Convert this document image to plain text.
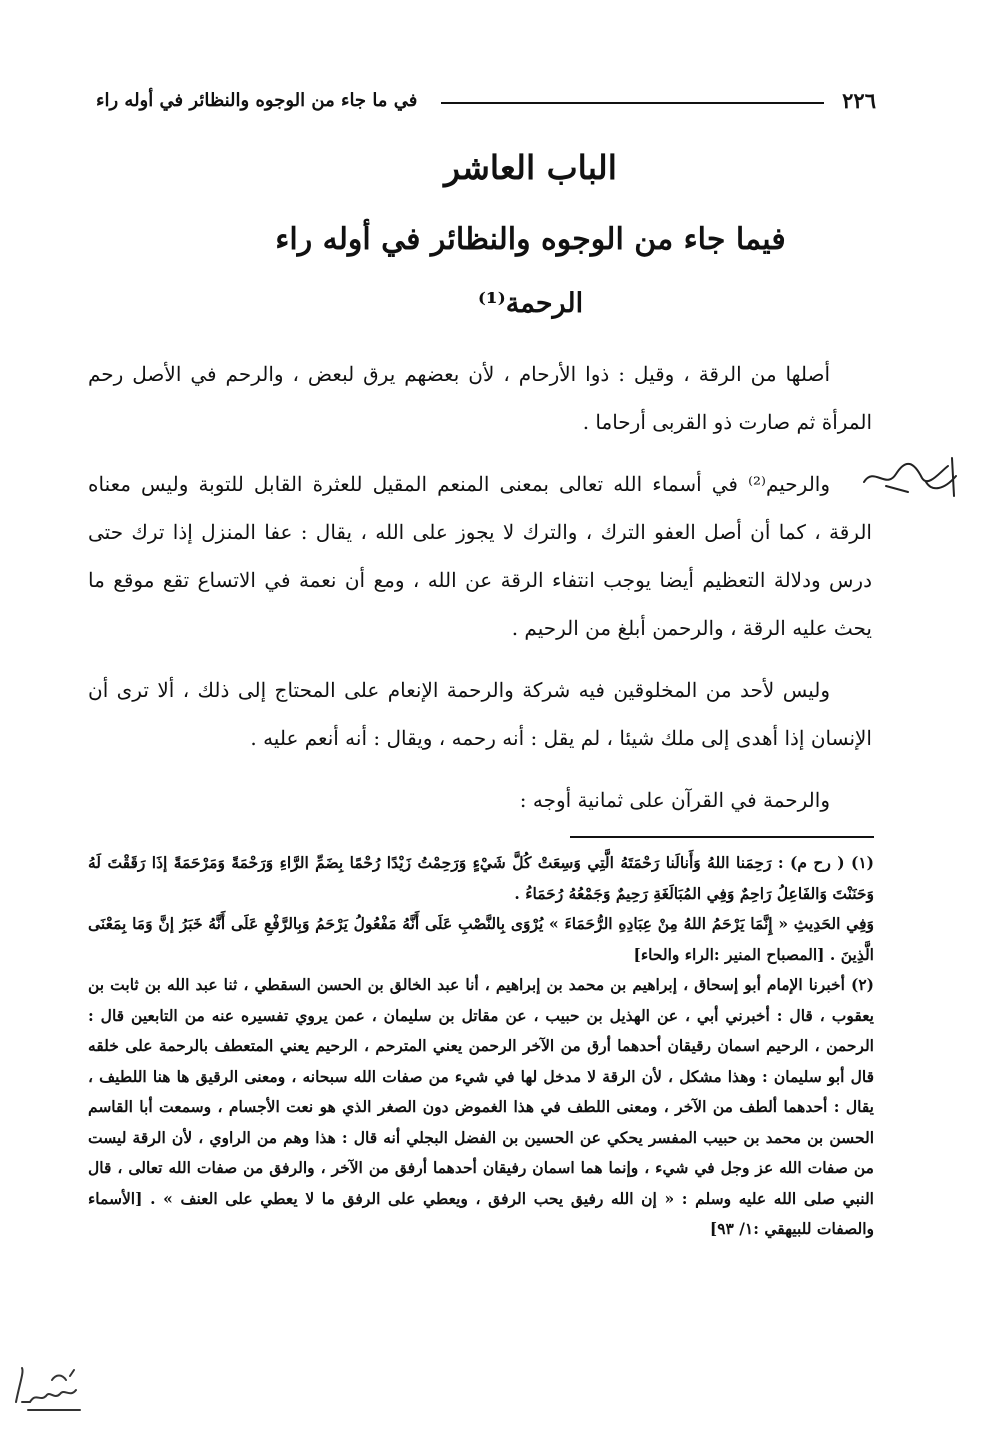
٢٢٦
في ما جاء من الوجوه والنظائر في أوله راء
الباب العاشر
فيما جاء من الوجوه والنظائر في أوله راء
الرحمة⁽¹⁾

أصلها من الرقة ، وقيل : ذوا الأرحام ، لأن بعضهم يرق لبعض ، والرحم في الأصل رحم المرأة ثم صارت ذو القربى أرحاما .

والرحيم⁽²⁾ في أسماء الله تعالى بمعنى المنعم المقيل للعثرة القابل للتوبة وليس معناه الرقة ، كما أن أصل العفو الترك ، والترك لا يجوز على الله ، يقال : عفا المنزل إذا ترك حتى درس ودلالة التعظيم أيضا يوجب انتفاء الرقة عن الله ، ومع أن نعمة في الاتساع تقع موقع ما يحث عليه الرقة ، والرحمن أبلغ من الرحيم .

وليس لأحد من المخلوقين فيه شركة والرحمة الإنعام على المحتاج إلى ذلك ، ألا ترى أن الإنسان إذا أهدى إلى ملك شيئا ، لم يقل : أنه رحمه ، ويقال : أنه أنعم عليه .

والرحمة في القرآن على ثمانية أوجه :

(١) ( رح م) : رَحِمَنا اللهُ وَأَنالَنا رَحْمَتَهُ الَّتِي وَسِعَتْ كُلَّ شَيْءٍ وَرَحِمْتُ زَيْدًا رُحْمًا بِضَمِّ الرَّاءِ وَرَحْمَةً وَمَرْحَمَةً إذَا رَقَقْتَ لَهُ وَحَنَنْتَ وَالفَاعِلُ رَاحِمٌ وَفِي المُبَالَغَةِ رَحِيمٌ وَجَمْعُهُ رُحَمَاءُ .

وَفِي الحَدِيثِ « إِنَّمَا يَرْحَمُ اللهُ مِنْ عِبَادِهِ الرُّحَمَاءَ » يُرْوَى بِالنَّصْبِ عَلَى أَنَّهُ مَفْعُولُ يَرْحَمُ وَبِالرَّفْعِ عَلَى أَنَّهُ خَبَرُ إنَّ وَمَا بِمَعْنَى الَّذِينَ . [المصباح المنير :الراء والحاء]

(٢) أخبرنا الإمام أبو إسحاق ، إبراهيم بن محمد بن إبراهيم ، أنا عبد الخالق بن الحسن السقطي ، ثنا عبد الله بن ثابت بن يعقوب ، قال : أخبرني أبي ، عن الهذيل بن حبيب ، عن مقاتل بن سليمان ، عمن يروي تفسيره عنه من التابعين قال : الرحمن ، الرحيم اسمان رقيقان أحدهما أرق من الآخر الرحمن يعني المترحم ، الرحيم يعني المتعطف بالرحمة على خلقه قال أبو سليمان : وهذا مشكل ، لأن الرقة لا مدخل لها في شيء من صفات الله سبحانه ، ومعنى الرقيق ها هنا اللطيف ، يقال : أحدهما ألطف من الآخر ، ومعنى اللطف في هذا الغموض دون الصغر الذي هو نعت الأجسام ، وسمعت أبا القاسم الحسن بن محمد بن حبيب المفسر يحكي عن الحسين بن الفضل البجلي أنه قال : هذا وهم من الراوي ، لأن الرقة ليست من صفات الله عز وجل في شيء ، وإنما هما اسمان رفيقان أحدهما أرفق من الآخر ، والرفق من صفات الله تعالى ، قال النبي صلى الله عليه وسلم : « إن الله رفيق يحب الرفق ، ويعطي على الرفق ما لا يعطي على العنف » . [الأسماء والصفات للبيهقي :١/ ٩٣]
